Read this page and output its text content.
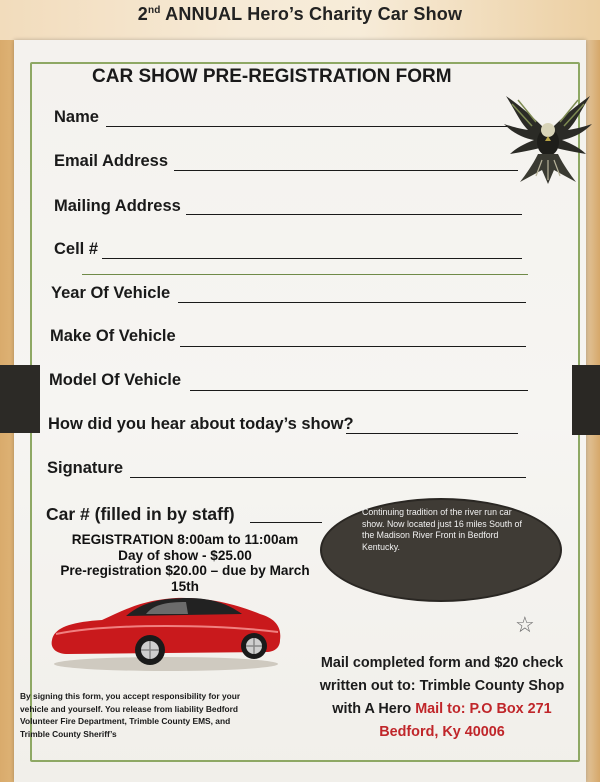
2nd ANNUAL Hero’s Charity Car Show
CAR SHOW PRE-REGISTRATION FORM
Name
Email Address
Mailing Address
Cell #
Year Of Vehicle
Make Of Vehicle
Model Of Vehicle
How did you hear about today’s show?
Signature
Car # (filled in by staff)
REGISTRATION 8:00am to 11:00am
Day of show - $25.00
Pre-registration $20.00 – due by March 15th
Continuing tradition of the river run car show. Now located just 16 miles South of the Madison River Front in Bedford Kentucky.
☆
Mail completed form and $20 check
written out to: Trimble County Shop
with A Hero Mail to: P.O Box 271
Bedford, Ky 40006
By signing this form, you accept responsibility for your vehicle and yourself. You release from liability Bedford Volunteer Fire Department, Trimble County EMS, and Trimble County Sheriff’s
